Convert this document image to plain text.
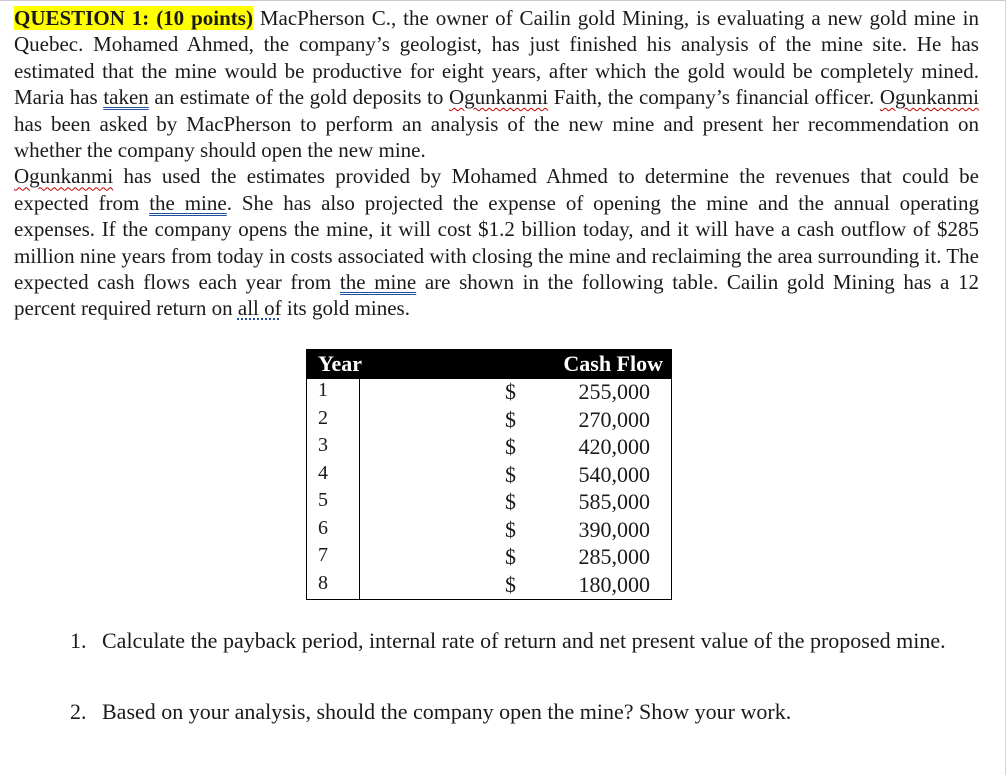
QUESTION 1: (10 points) MacPherson C., the owner of Cailin gold Mining, is evaluating a new gold mine in Quebec. Mohamed Ahmed, the company’s geologist, has just finished his analysis of the mine site. He has estimated that the mine would be productive for eight years, after which the gold would be completely mined. Maria has taken an estimate of the gold deposits to Ogunkanmi Faith, the company’s financial officer. Ogunkanmi has been asked by MacPherson to perform an analysis of the new mine and present her recommendation on whether the company should open the new mine.

Ogunkanmi has used the estimates provided by Mohamed Ahmed to determine the revenues that could be expected from the mine. She has also projected the expense of opening the mine and the annual operating expenses. If the company opens the mine, it will cost $1.2 billion today, and it will have a cash outflow of $285 million nine years from today in costs associated with closing the mine and reclaiming the area surrounding it. The expected cash flows each year from the mine are shown in the following table. Cailin gold Mining has a 12 percent required return on all of its gold mines.

Year	Cash Flow
1	$	255,000
2	$	270,000
3	$	420,000
4	$	540,000
5	$	585,000
6	$	390,000
7	$	285,000
8	$	180,000
1. Calculate the payback period, internal rate of return and net present value of the proposed mine.
2. Based on your analysis, should the company open the mine? Show your work.
